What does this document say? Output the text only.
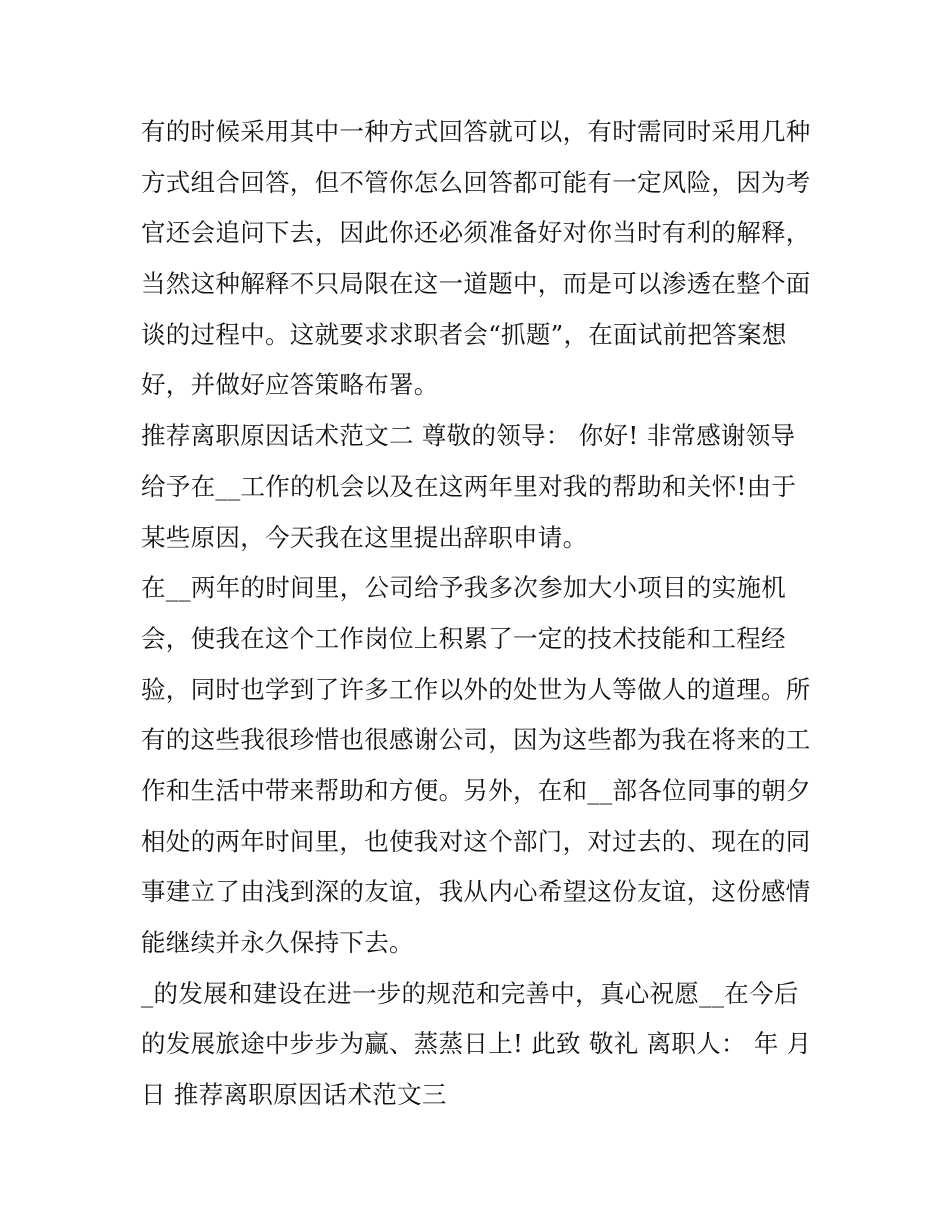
有的时候采用其中一种方式回答就可以，有时需同时采用几种
方式组合回答，但不管你怎么回答都可能有一定风险，因为考
官还会追问下去，因此你还必须准备好对你当时有利的解释，
当然这种解释不只局限在这一道题中，而是可以渗透在整个面
谈的过程中。这就要求求职者会“抓题”，在面试前把答案想
好，并做好应答策略布署。
推荐离职原因话术范文二 尊敬的领导： 你好! 非常感谢领导
给予在__工作的机会以及在这两年里对我的帮助和关怀!由于
某些原因，今天我在这里提出辞职申请。
在__两年的时间里，公司给予我多次参加大小项目的实施机
会，使我在这个工作岗位上积累了一定的技术技能和工程经
验，同时也学到了许多工作以外的处世为人等做人的道理。所
有的这些我很珍惜也很感谢公司，因为这些都为我在将来的工
作和生活中带来帮助和方便。另外，在和__部各位同事的朝夕
相处的两年时间里，也使我对这个部门，对过去的、现在的同
事建立了由浅到深的友谊，我从内心希望这份友谊，这份感情
能继续并永久保持下去。
_的发展和建设在进一步的规范和完善中，真心祝愿__在今后
的发展旅途中步步为赢、蒸蒸日上! 此致 敬礼 离职人： 年 月
日 推荐离职原因话术范文三
